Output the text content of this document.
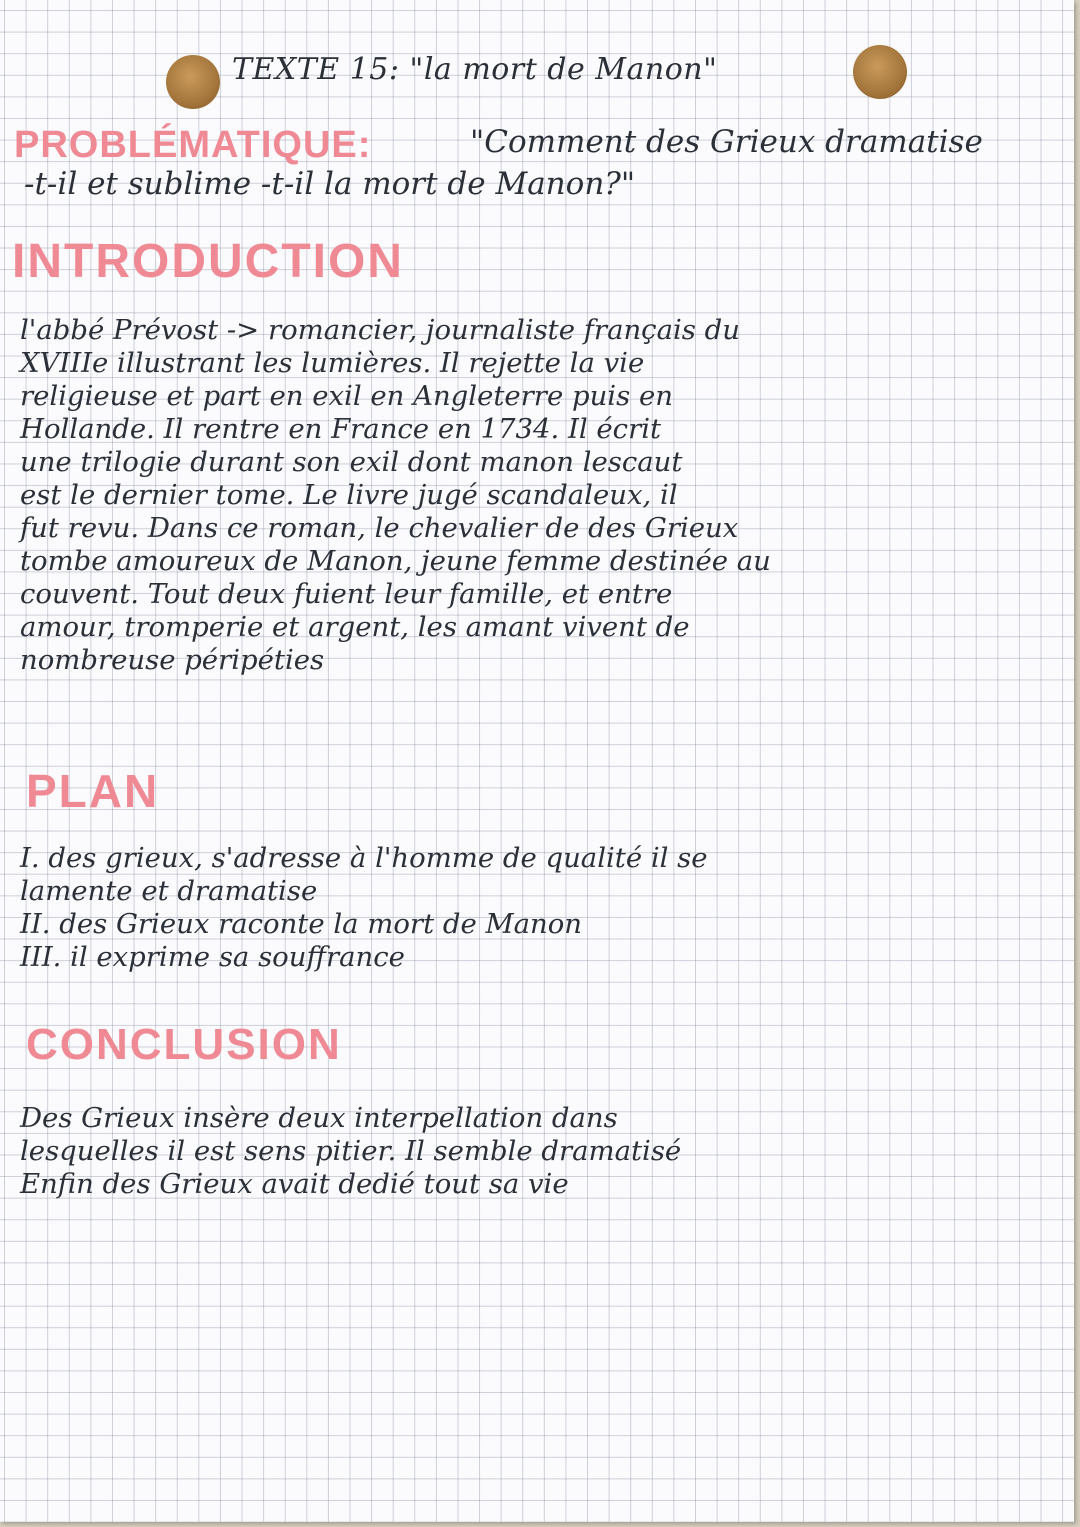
TEXTE 15: "la mort de Manon"

PROBLÉMATIQUE:	"Comment des Grieux dramatise

-t-il et sublime -t-il la mort de Manon?"

INTRODUCTION

l'abbé Prévost -> romancier, journaliste français du
XVIIIe illustrant les lumières. Il rejette la vie
religieuse et part en exil en Angleterre puis en
Hollande. Il rentre en France en 1734. Il écrit
une trilogie durant son exil dont manon lescaut
est le dernier tome. Le livre jugé scandaleux, il
fut revu. Dans ce roman, le chevalier de des Grieux
tombe amoureux de Manon, jeune femme destinée au
couvent. Tout deux fuient leur famille, et entre
amour, tromperie et argent, les amant vivent de
nombreuse péripéties

PLAN

I. des grieux, s'adresse à l'homme de qualité il se
lamente et dramatise
II. des Grieux raconte la mort de Manon
III. il exprime sa souffrance

CONCLUSION

Des Grieux insère deux interpellation dans
lesquelles il est sens pitier. Il semble dramatisé
Enfin des Grieux avait dedié tout sa vie
